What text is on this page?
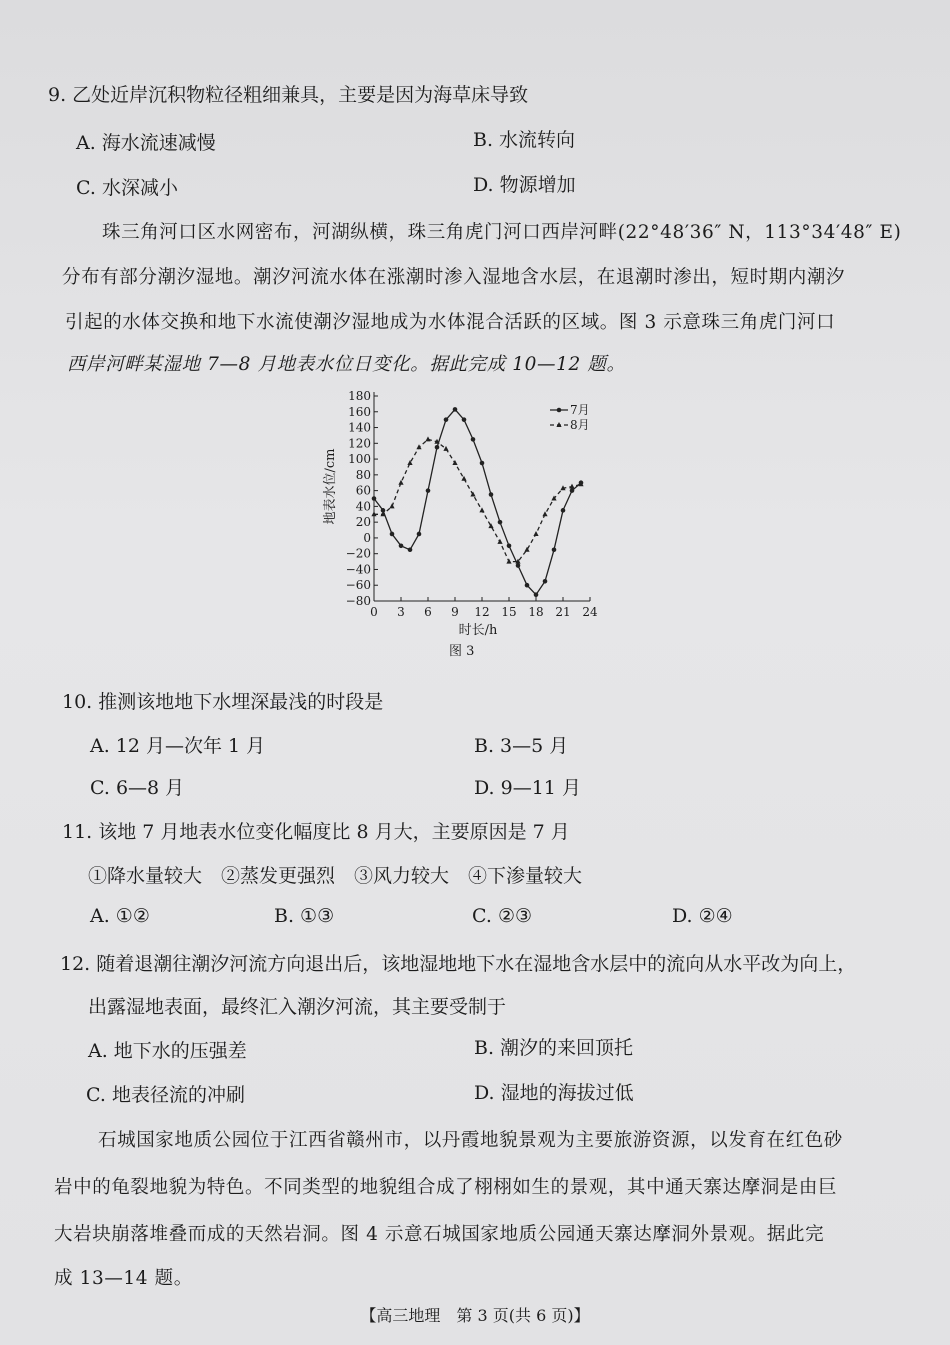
9. 乙处近岸沉积物粒径粗细兼具，主要是因为海草床导致
A. 海水流速减慢	B. 水流转向
C. 水深减小	D. 物源增加
珠三角河口区水网密布，河湖纵横，珠三角虎门河口西岸河畔(22°48′36″ N，113°34′48″ E)
分布有部分潮汐湿地。潮汐河流水体在涨潮时渗入湿地含水层，在退潮时渗出，短时期内潮汐
引起的水体交换和地下水流使潮汐湿地成为水体混合活跃的区域。图 3 示意珠三角虎门河口
西岸河畔某湿地 7—8 月地表水位日变化。据此完成 10—12 题。
180
160
140
120
100
80
60
40
20
0
−20
−40
−60
−80
0 3 6 9 12 15 18 21 24
时长/h
地表水位/cm
7月
8月
图 3
10. 推测该地地下水埋深最浅的时段是
A. 12 月—次年 1 月	B. 3—5 月
C. 6—8 月	D. 9—11 月
11. 该地 7 月地表水位变化幅度比 8 月大，主要原因是 7 月
①降水量较大　②蒸发更强烈　③风力较大　④下渗量较大
A. ①②	B. ①③	C. ②③	D. ②④
12. 随着退潮往潮汐河流方向退出后，该地湿地地下水在湿地含水层中的流向从水平改为向上，
出露湿地表面，最终汇入潮汐河流，其主要受制于
A. 地下水的压强差	B. 潮汐的来回顶托
C. 地表径流的冲刷	D. 湿地的海拔过低
石城国家地质公园位于江西省赣州市，以丹霞地貌景观为主要旅游资源，以发育在红色砂
岩中的龟裂地貌为特色。不同类型的地貌组合成了栩栩如生的景观，其中通天寨达摩洞是由巨
大岩块崩落堆叠而成的天然岩洞。图 4 示意石城国家地质公园通天寨达摩洞外景观。据此完
成 13—14 题。
【高三地理　第 3 页(共 6 页)】
